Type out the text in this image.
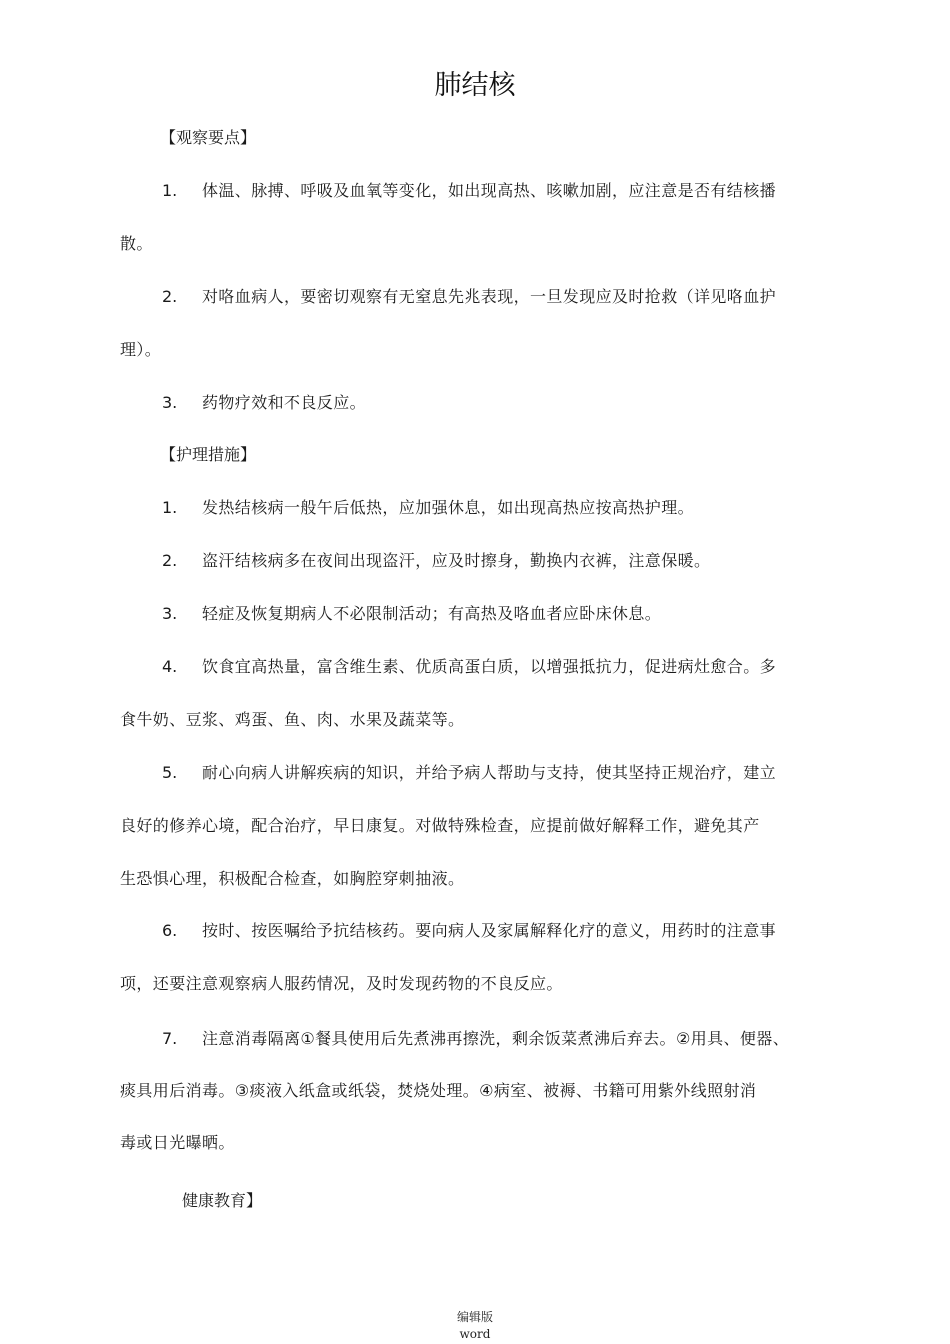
肺结核
【观察要点】
1. 体温、脉搏、呼吸及血氧等变化，如出现高热、咳嗽加剧，应注意是否有结核播
散。
2. 对咯血病人，要密切观察有无窒息先兆表现，一旦发现应及时抢救（详见咯血护
理）。
3. 药物疗效和不良反应。
【护理措施】
1. 发热结核病一般午后低热，应加强休息，如出现高热应按高热护理。
2. 盗汗结核病多在夜间出现盗汗，应及时擦身，勤换内衣裤，注意保暖。
3. 轻症及恢复期病人不必限制活动；有高热及咯血者应卧床休息。
4. 饮食宜高热量，富含维生素、优质高蛋白质，以增强抵抗力，促进病灶愈合。多
食牛奶、豆浆、鸡蛋、鱼、肉、水果及蔬菜等。
5. 耐心向病人讲解疾病的知识，并给予病人帮助与支持，使其坚持正规治疗，建立
良好的修养心境，配合治疗，早日康复。对做特殊检查，应提前做好解释工作，避免其产
生恐惧心理，积极配合检查，如胸腔穿刺抽液。
6. 按时、按医嘱给予抗结核药。要向病人及家属解释化疗的意义，用药时的注意事
项，还要注意观察病人服药情况，及时发现药物的不良反应。
7. 注意消毒隔离①餐具使用后先煮沸再擦洗，剩余饭菜煮沸后弃去。②用具、便器、
痰具用后消毒。③痰液入纸盒或纸袋，焚烧处理。④病室、被褥、书籍可用紫外线照射消
毒或日光曝晒。
健康教育】
编辑版
word
